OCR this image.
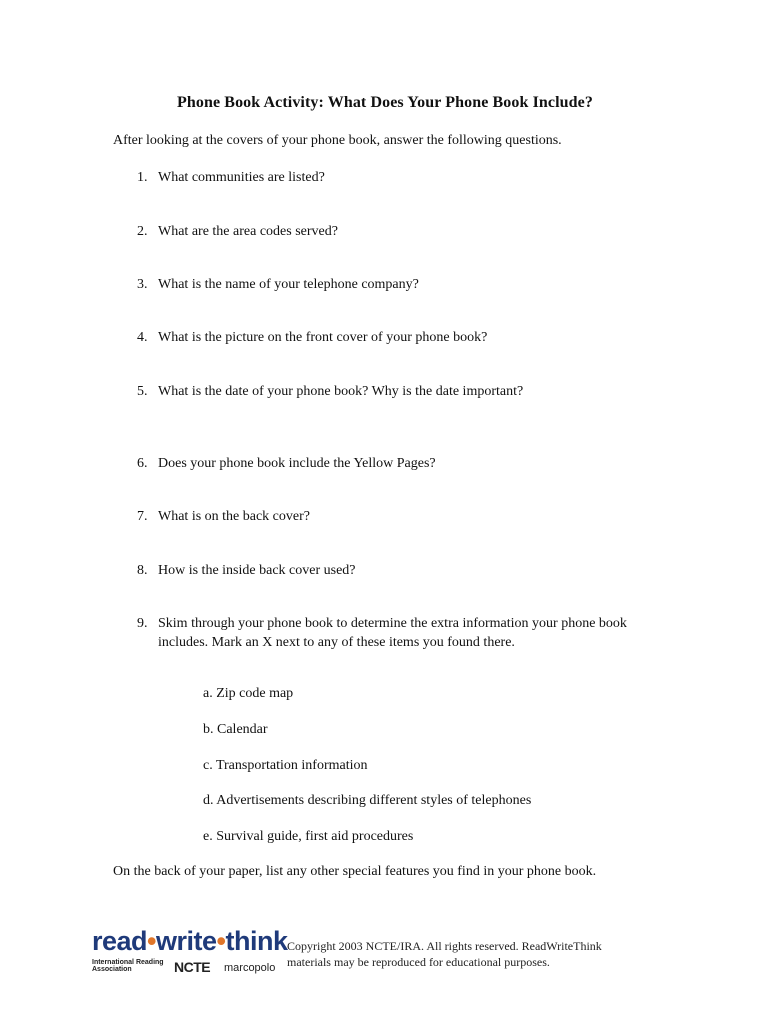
Phone Book Activity: What Does Your Phone Book Include?
After looking at the covers of your phone book, answer the following questions.
1. What communities are listed?
2. What are the area codes served?
3. What is the name of your telephone company?
4. What is the picture on the front cover of your phone book?
5. What is the date of your phone book? Why is the date important?
6. Does your phone book include the Yellow Pages?
7. What is on the back cover?
8. How is the inside back cover used?
9. Skim through your phone book to determine the extra information your phone book includes. Mark an X next to any of these items you found there.
a. Zip code map
b. Calendar
c. Transportation information
d. Advertisements describing different styles of telephones
e. Survival guide, first aid procedures
On the back of your paper, list any other special features you find in your phone book.
read•write•think
International Reading Association	NCTE marcopolo
Copyright 2003 NCTE/IRA. All rights reserved. ReadWriteThink materials may be reproduced for educational purposes.
